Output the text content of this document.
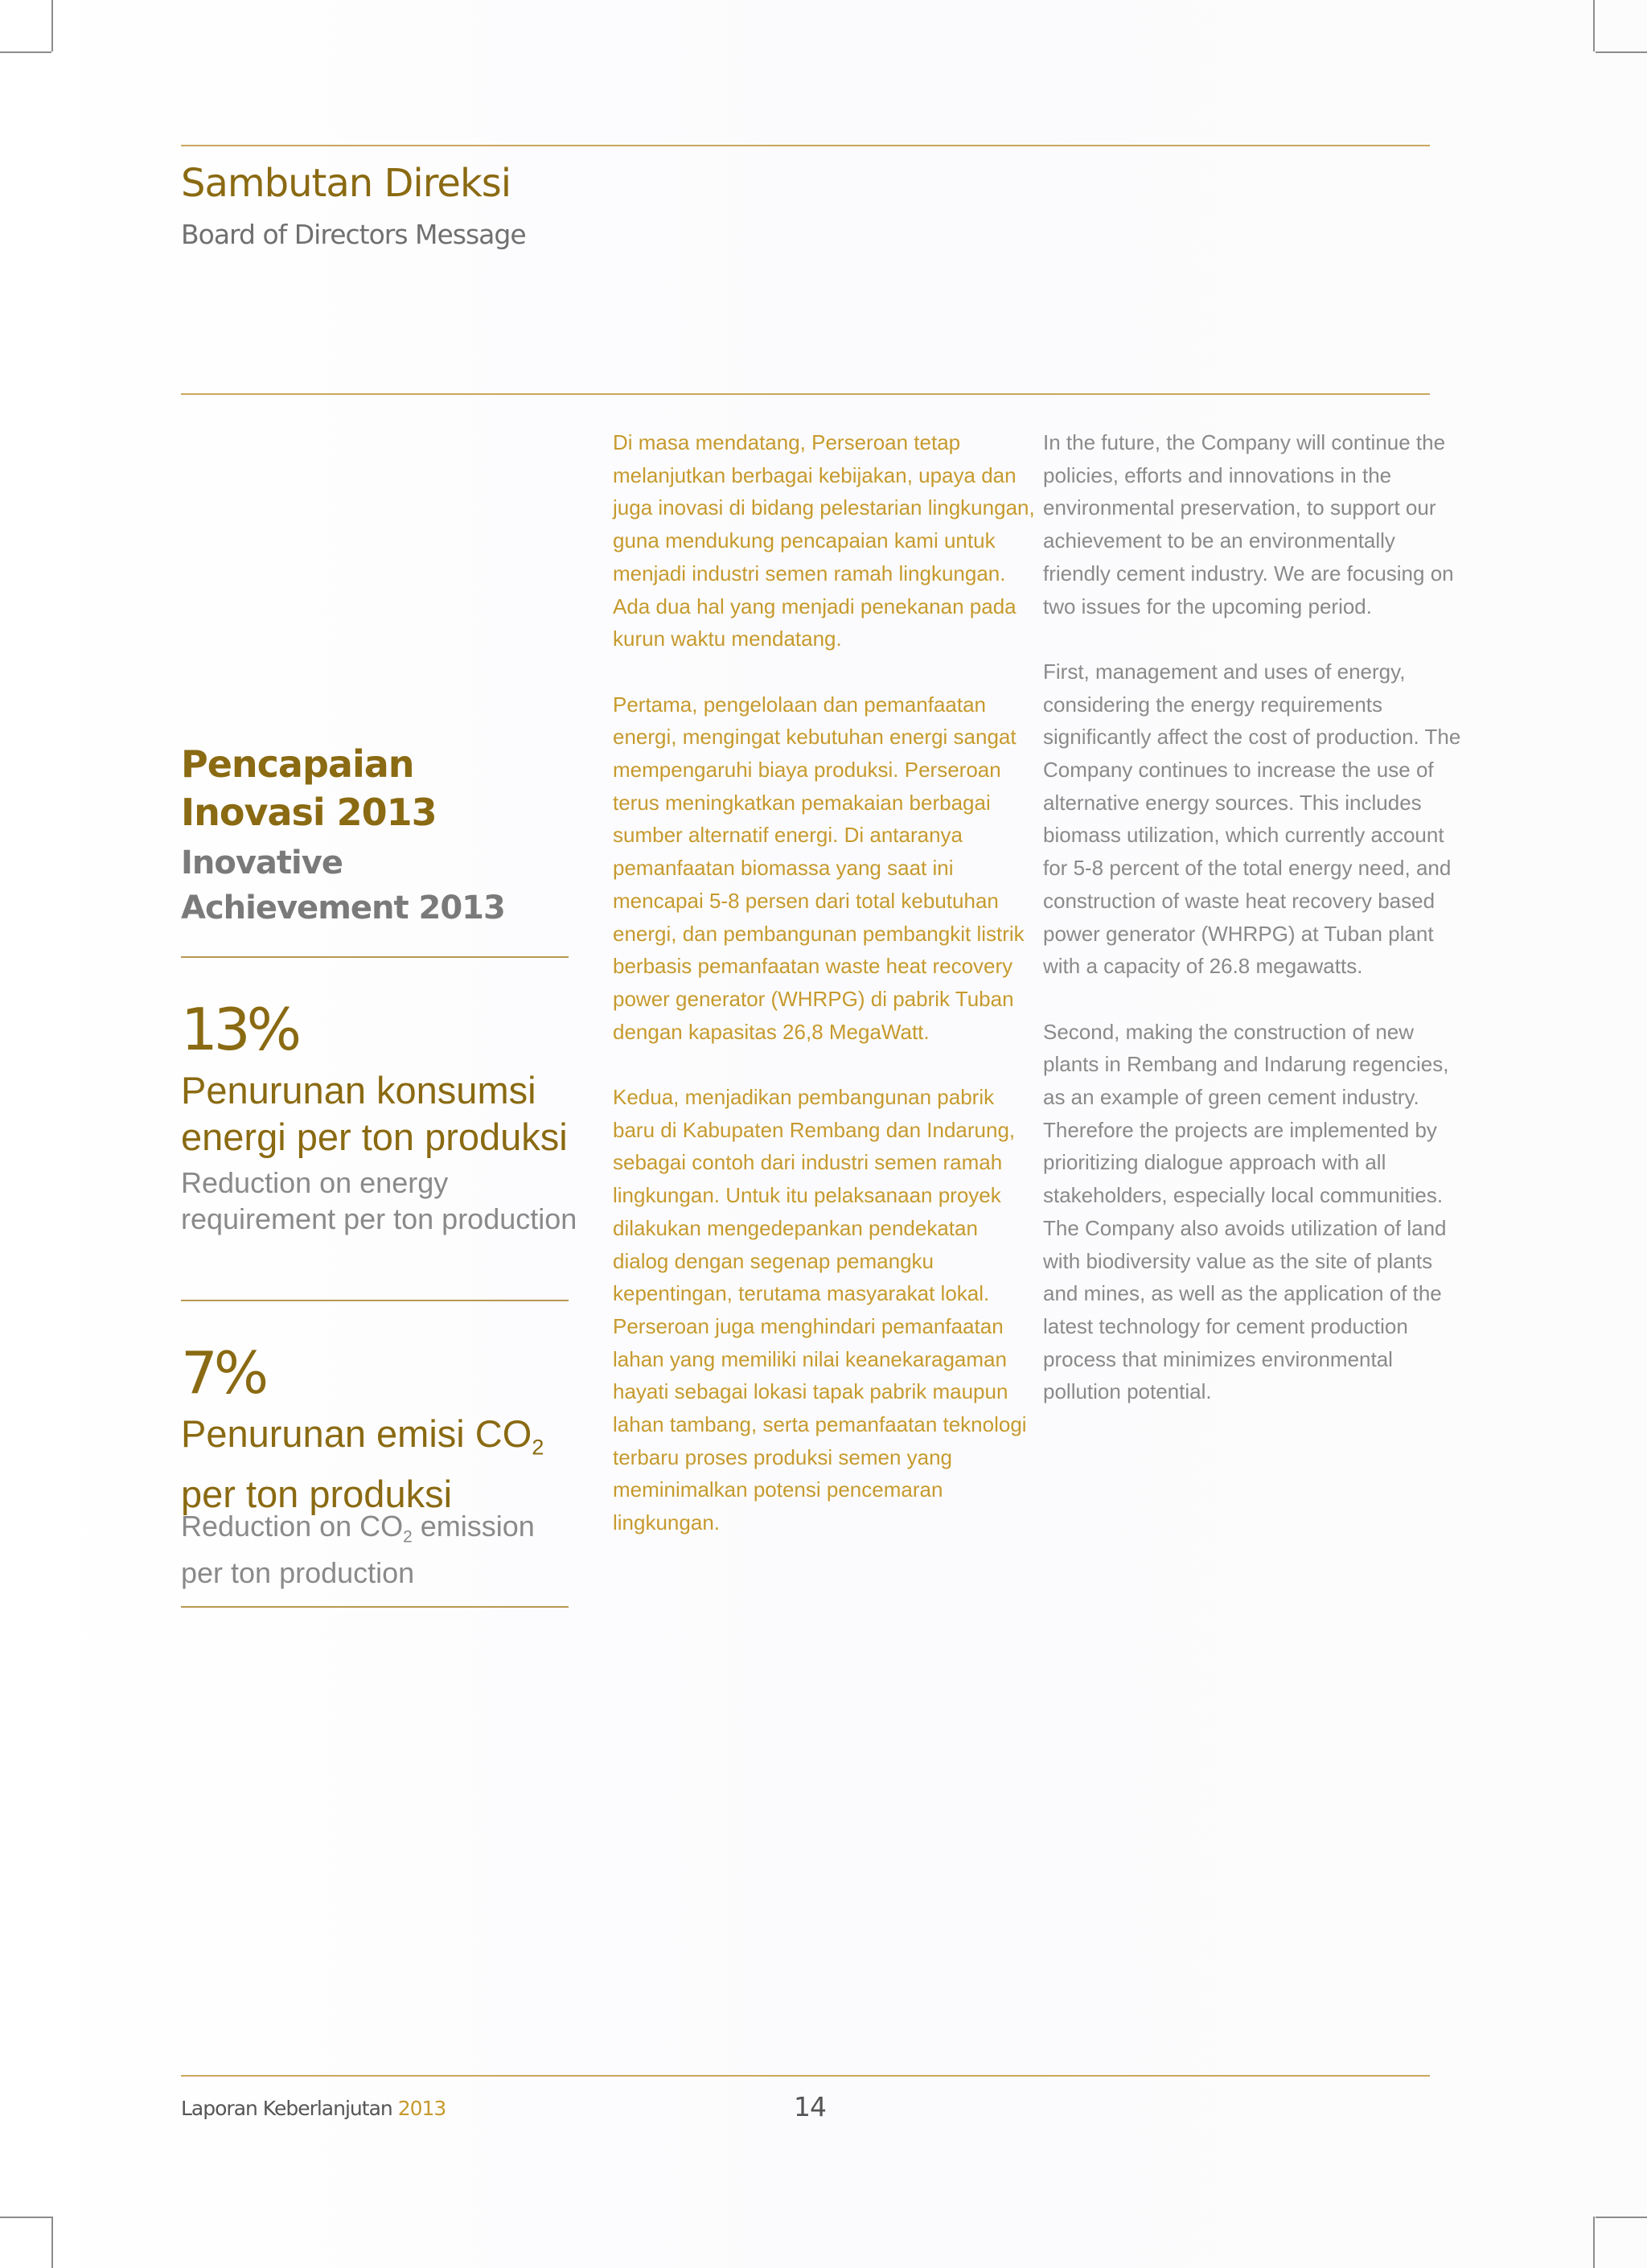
Sambutan Direksi
Board of Directors Message
Pencapaian Inovasi 2013
Inovative Achievement 2013
13%
Penurunan konsumsi energi per ton produksi
Reduction on energy requirement per ton production
7%
Penurunan emisi $CO_2$ per ton produksi
Reduction on $CO_2$ emission per ton production

Di masa mendatang, Perseroan tetap melanjutkan berbagai kebijakan, upaya dan juga inovasi di bidang pelestarian lingkungan, guna mendukung pencapaian kami untuk menjadi industri semen ramah lingkungan. Ada dua hal yang menjadi penekanan pada kurun waktu mendatang.

Pertama, pengelolaan dan pemanfaatan energi, mengingat kebutuhan energi sangat mempengaruhi biaya produksi. Perseroan terus meningkatkan pemakaian berbagai sumber alternatif energi. Di antaranya pemanfaatan biomassa yang saat ini mencapai 5-8 persen dari total kebutuhan energi, dan pembangunan pembangkit listrik berbasis pemanfaatan waste heat recovery power generator (WHRPG) di pabrik Tuban dengan kapasitas 26,8 MegaWatt.

Kedua, menjadikan pembangunan pabrik baru di Kabupaten Rembang dan Indarung, sebagai contoh dari industri semen ramah lingkungan. Untuk itu pelaksanaan proyek dilakukan mengedepankan pendekatan dialog dengan segenap pemangku kepentingan, terutama masyarakat lokal. Perseroan juga menghindari pemanfaatan lahan yang memiliki nilai keanekaragaman hayati sebagai lokasi tapak pabrik maupun lahan tambang, serta pemanfaatan teknologi terbaru proses produksi semen yang meminimalkan potensi pencemaran lingkungan.

In the future, the Company will continue the policies, efforts and innovations in the environmental preservation, to support our achievement to be an environmentally friendly cement industry. We are focusing on two issues for the upcoming period.

First, management and uses of energy, considering the energy requirements significantly affect the cost of production. The Company continues to increase the use of alternative energy sources. This includes biomass utilization, which currently account for 5-8 percent of the total energy need, and construction of waste heat recovery based power generator (WHRPG) at Tuban plant with a capacity of 26.8 megawatts.

Second, making the construction of new plants in Rembang and Indarung regencies, as an example of green cement industry. Therefore the projects are implemented by prioritizing dialogue approach with all stakeholders, especially local communities. The Company also avoids utilization of land with biodiversity value as the site of plants and mines, as well as the application of the latest technology for cement production process that minimizes environmental pollution potential.

Laporan Keberlanjutan 2013	14
